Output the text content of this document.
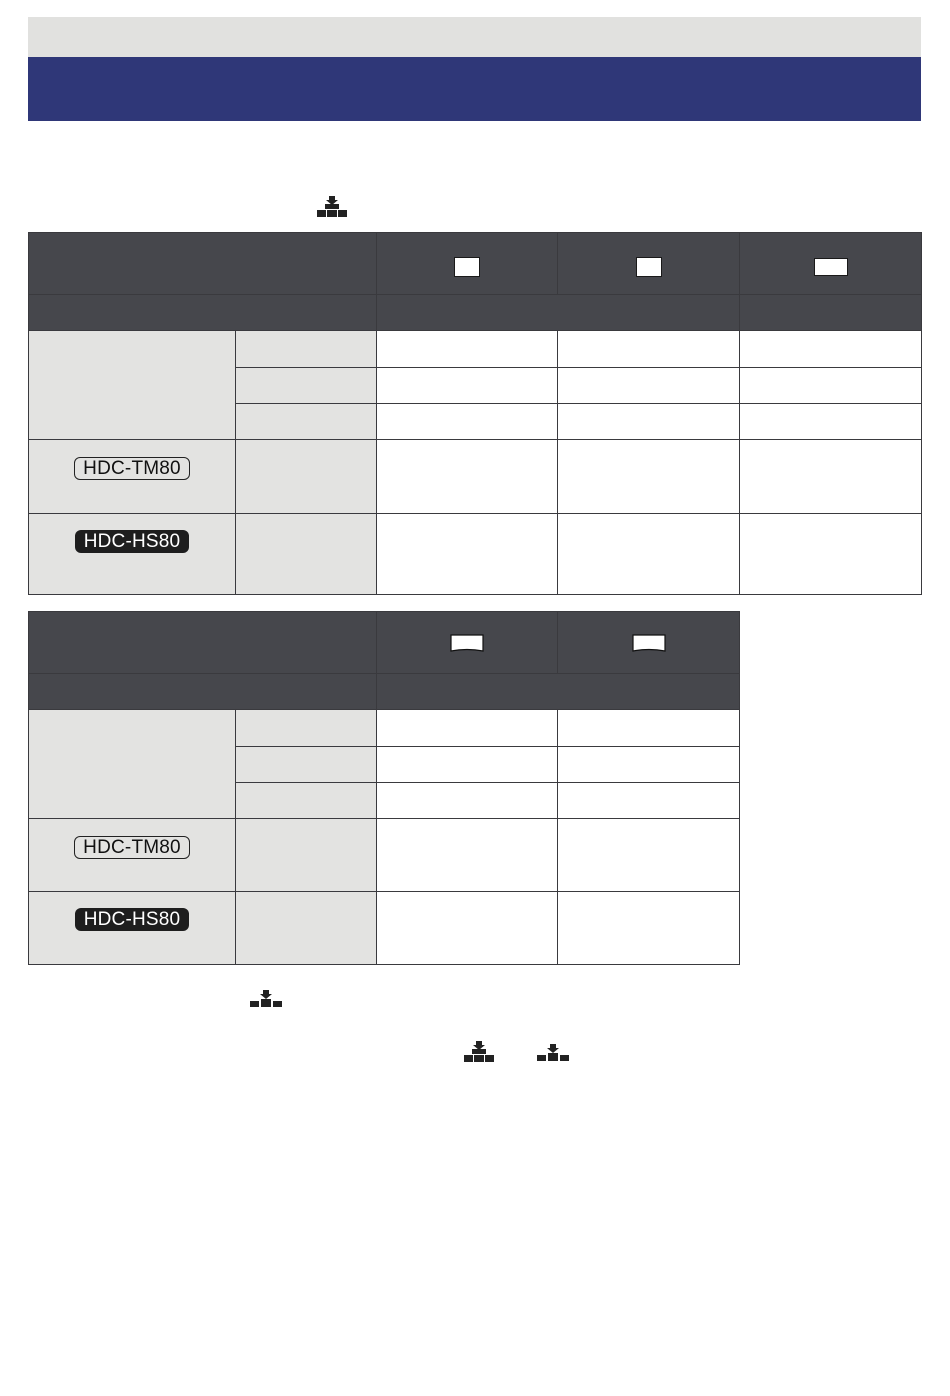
HDC-TM80				

HDC-HS80				

HDC-TM80			

HDC-HS80			
